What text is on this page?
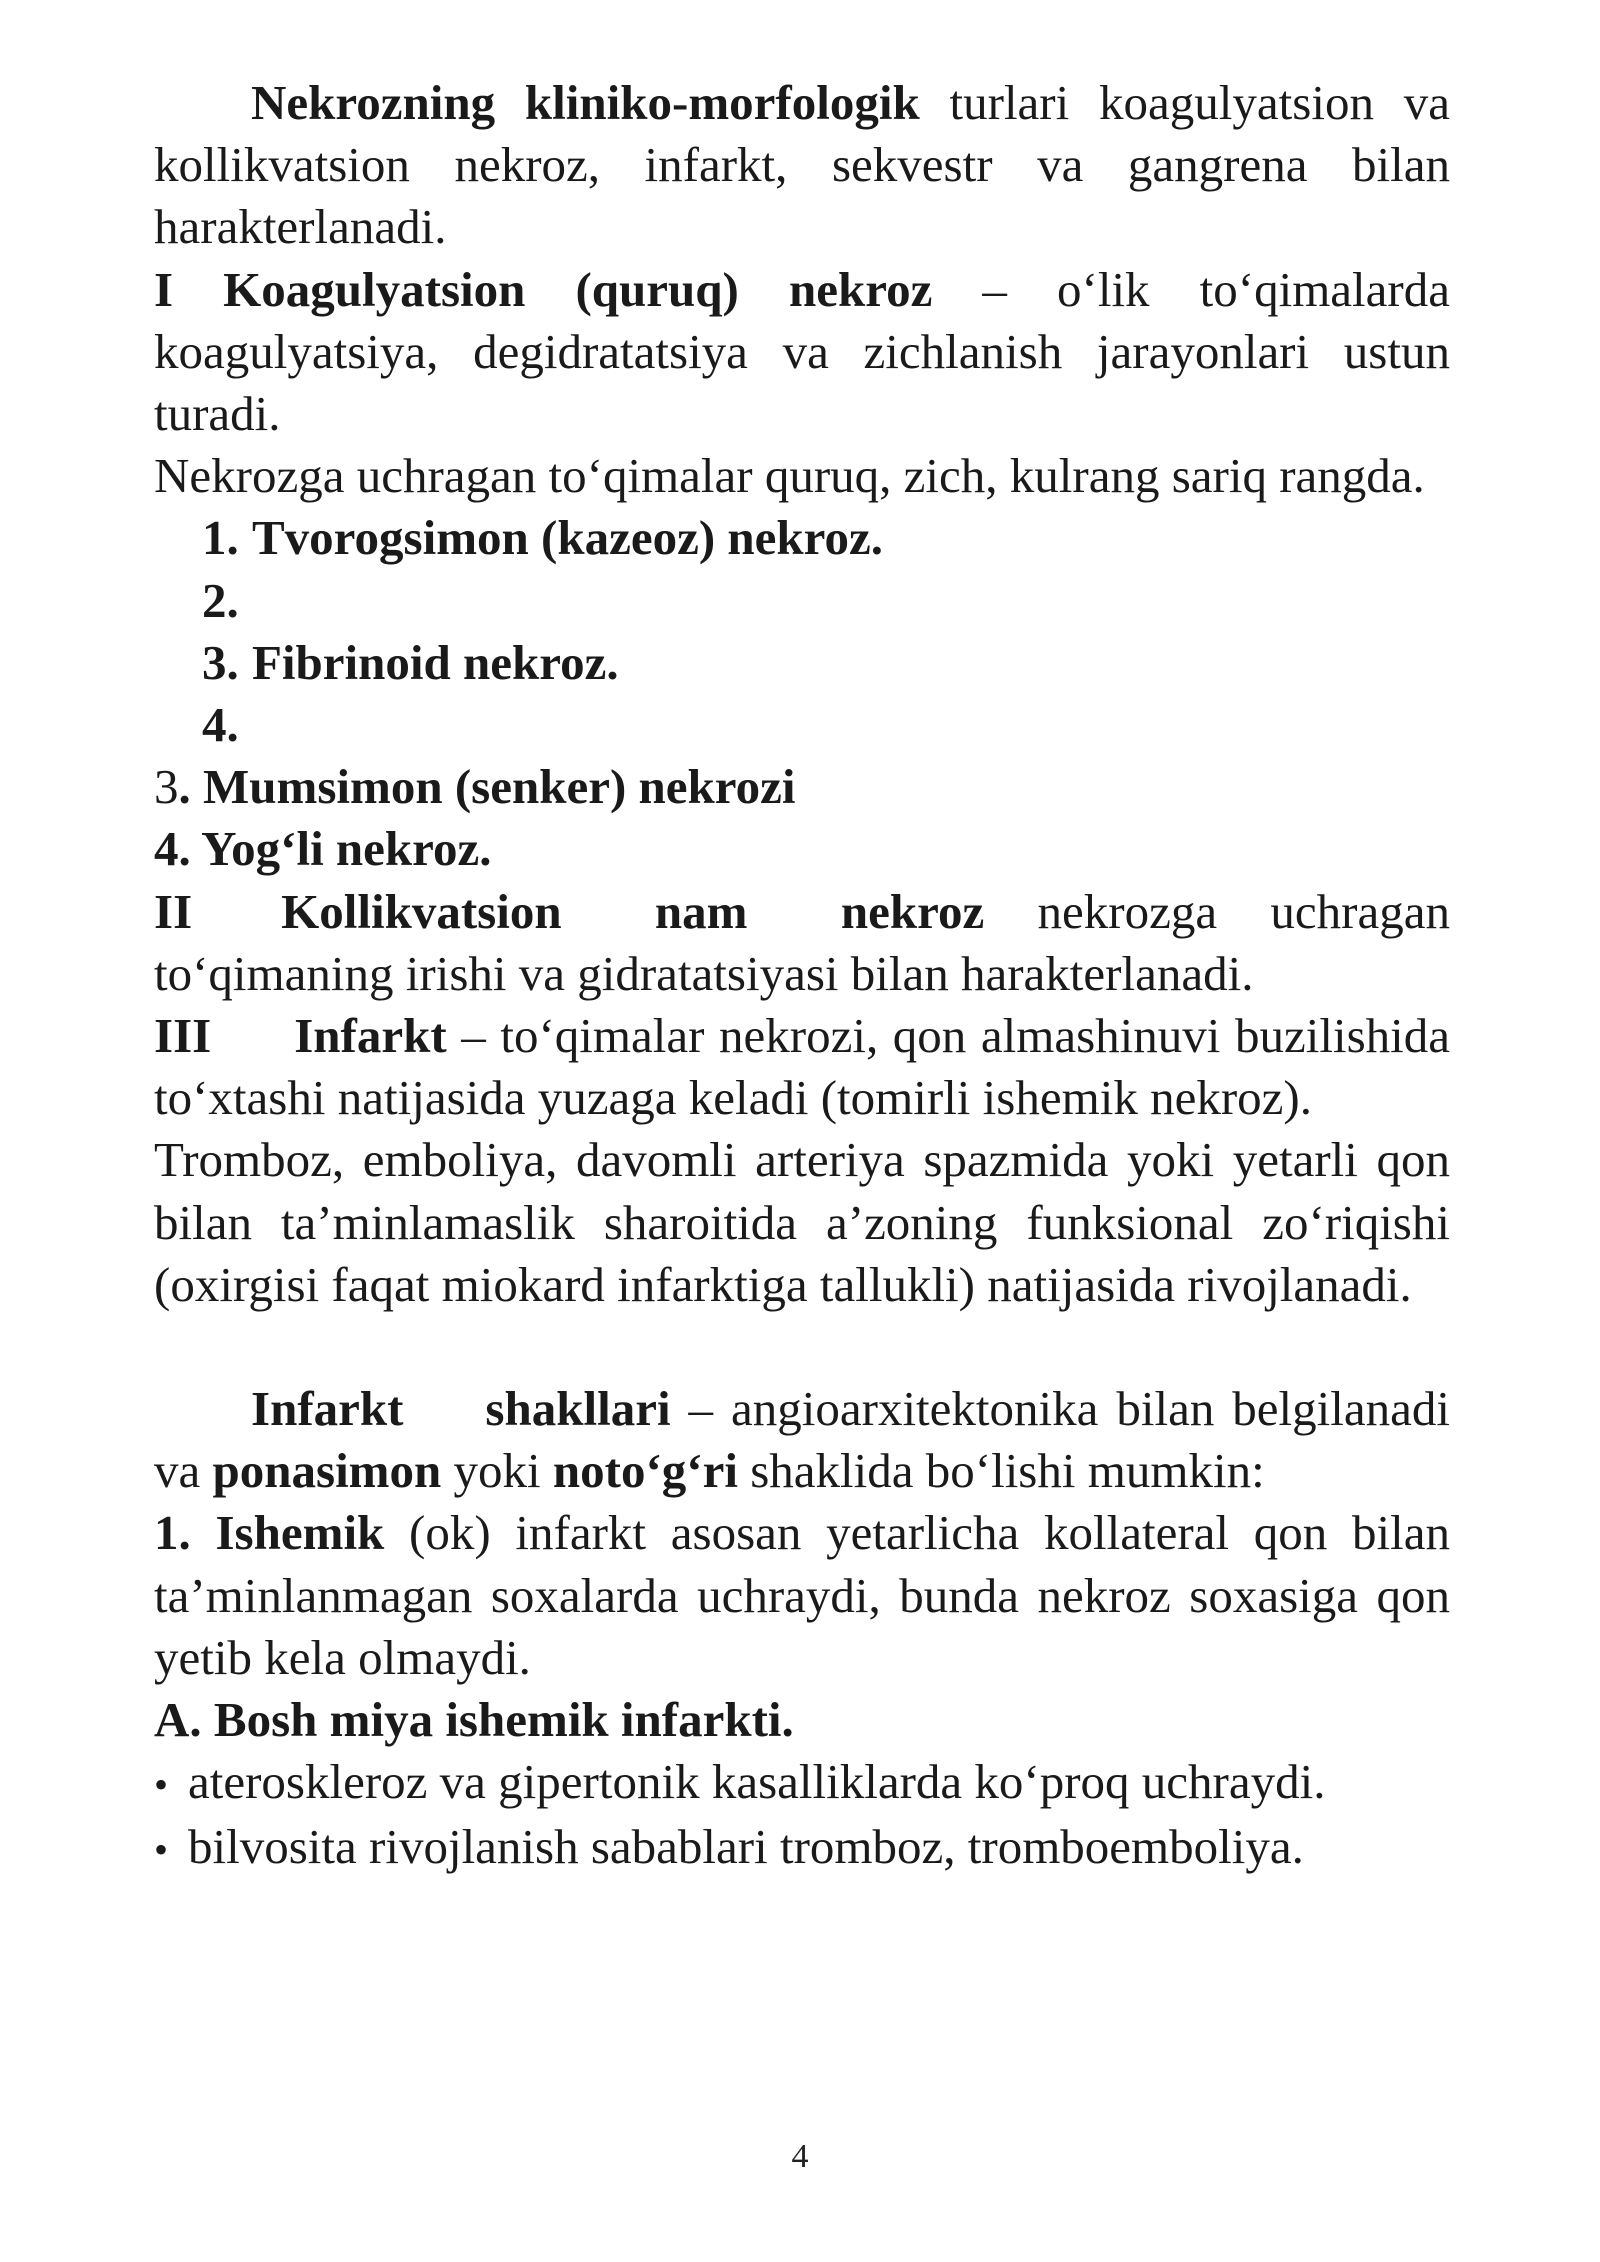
Nekrozning kliniko-morfologik turlari koagulyatsion va kollikvatsion nekroz, infarkt, sekvestr va gangrena bilan harakterlanadi.

I Koagulyatsion (quruq) nekroz – o‘lik to‘qimalarda koagulyatsiya, degidratatsiya va zichlanish jarayonlari ustun turadi.

Nekrozga uchragan to‘qimalar quruq, zich, kulrang sariq rangda.

1. Tvorogsimon (kazeoz) nekroz.
2.
3. Fibrinoid nekroz.
4.

3. Mumsimon (senker) nekrozi

4. Yog‘li nekroz.

II Kollikvatsion nam nekroz nekrozga uchragan to‘qimaning irishi va gidratatsiyasi bilan harakterlanadi.

III Infarkt – to‘qimalar nekrozi, qon almashinuvi buzilishida to‘xtashi natijasida yuzaga keladi (tomirli ishemik nekroz).

Tromboz, emboliya, davomli arteriya spazmida yoki yetarli qon bilan ta’minlamaslik sharoitida a’zoning funksional zo‘riqishi (oxirgisi faqat miokard infarktiga tallukli) natijasida rivojlanadi.

Infarkt shakllari – angioarxitektonika bilan belgilanadi va ponasimon yoki noto‘g‘ri shaklida bo‘lishi mumkin:

1. Ishemik (ok) infarkt asosan yetarlicha kollateral qon bilan ta’minlanmagan soxalarda uchraydi, bunda nekroz soxasiga qon yetib kela olmaydi.

A. Bosh miya ishemik infarkti.

• ateroskleroz va gipertonik kasalliklarda ko‘proq uchraydi.
• bilvosita rivojlanish sabablari tromboz, tromboemboliya.
4
